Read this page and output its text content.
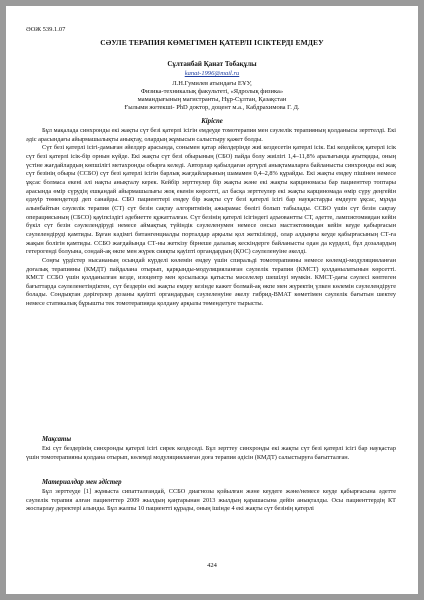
ӘОЖ 539.1.07
СӘУЛЕ ТЕРАПИЯ КӨМЕГІМЕН ҚАТЕРЛІ ІСІКТЕРДІ ЕМДЕУ
Сұлтанбай Қанат Тобақұлы
kanat-1996@mail.ru
Л.Н.Гумилев атындағы ЕҰУ,
Физика-техникалық факультеті, «Ядролық физика»
мамандығының магистранты, Нұр-Сұлтан, Қазақстан
Ғылыми жетекші- PhD доктор, доцент м.а., Кабдрахимова Г. Д.
Кіріспе

Бұл мақалада синхронды екі жақты сүт безі қатерлі ісігін емдеуде томотерапия мен сәулелік терапияның қолданысы зерттелді. Екі әдіс арасындағы айырмашылықты анықтау, олардың жұмысын салыстыру қажет болды.

Сүт безі қатерлі ісігі-дамыған әйелдер арасында, сонымен қатар әйелдерінде жиі кездесетін қатерлі ісік. Екі кездейсоқ қатерлі ісік сүт безі қатерлі ісік-бір орнын күйде. Екі жақты сүт безі обырының (СБО) пайда болу жиілігі 1,4–11,8% аралығында ауытқиды, оның үстіне жағдайлардың көпшілігі метахронды обырға келеді. Авторлар қабылдаған әртүрлі анықтамаларға байланысты синхронды екі жақ сүт безінің обыры (ССБО) сүт безі қатерлі ісігін барлық жағдайларының шамамен 0,4–2,8% құрайды. Екі жақты емдеу пішінен немесе ұқсас болмаса екені әлі нақты анықталу керек. Кейбір зерттеулер бір жақты және екі жақты карциномасы бар пациенттер топтары арасында өмір сүрудің ешқандай айырмашылығы жоқ екенін көрсетті, ал басқа зерттеулер екі жақты карциномада өмір сүру деңгейін едәуір төмендетеді деп санайды. СБО пациенттері емдеу бір жақты сүт безі қатерлі ісігі бар науқастарды емдеуге ұқсас, мұнда алынбайтын сәулелік терапия (СТ) сүт безін сақтау алгоритмінің ажырамас бөлігі болып табылады. ССБО үшін сүт безін сақтау операциясының (СБСО) қауіпсіздігі әдебиетте құжатталған. Сүт безінің қатерлі ісігіндегі адъювантты СТ, әдетте, лампэктомиядан кейін бүкіл сүт безін сәулелендіруді немесе аймақтық түйіндік сәулеленумен немесе онсыз мастэктомиядан кейін кеуде қабырғасын сәулелендіруді қамтиды. Бұған кәдімгі битангенциалды порталдар арқылы қол жеткізіледі, олар алдыңғы кеуде қабырғасының СТ-ға жақын болігін қамтиды. ССБО жағдайында СТ-ны жеткізу бірнеше далалық кескіндерге байланысты одан да күрделі, бұл дозалардың гетерогенді болуына, сондай-ақ өкпе мен жүрек сияқты қауіпті органдардың (ҚОС) сәулеленуіне әкелді.

Соңғы үрдістер нысананың осындай күрделі көлемін емдеу үшін спиральді томотерапияны немесе көлемді-модуляцияланған доғалық терапияны (КМДТ) пайдалана отырып, қарқынды-модуляцияланған сәулелік терапия (КМСТ) қолданылатынын көрсетті. КМСТ ССБО үшін қолданылған кезде, изоцентр мен қосылысқа қатысты мәселелер шешілуі мүмкін. КМСТ-дағы сәулесі көптеген бағыттарда сәулеленетіндіктен, сүт бездерін екі жақты емдеу кезінде кажет болмай-ақ өкпе мен жүректің үлкен көлемін сәулелендіруге болады. Сондықтан дәрігерлер дозаны қауіпті органдардың сәулеленуіне әкелу гибрид-ВМАТ көметімен сәулелік бағытын шектеу немесе статикалық бұрышты тек томотерапияда қолдану арқылы төмендетуге тырысты.

Мақсаты

Екі сүт бездерінің синхронды қатерлі ісігі сирек кездеседі. Бұл зерттеу синхронды екі жақты сүт безі қатерлі ісігі бар науқастар үшін томотерапияны қолдана отырып, көлемді модуляцияланған доға терапия әдісін (КМДТ) салыстыруға бағытталған.

Материалдар мен әдістер

Бұл зерттеуде [1] жұмыста сипатталғандай, ССБО диагнозы қойылған және кеудеге және/немесе кеуде қабырғасына әдетте сәулелік терапия алған пациенттер 2009 жылдың қаңтарынан 2013 жылдың қарашасына дейін анықталды. Осы пациенттердің КТ жоспарлау деректері алынды. Бұл жалпы 10 пациентті құрады, оның ішінде 4 екі жақты сүт безінің қатерлі

424
